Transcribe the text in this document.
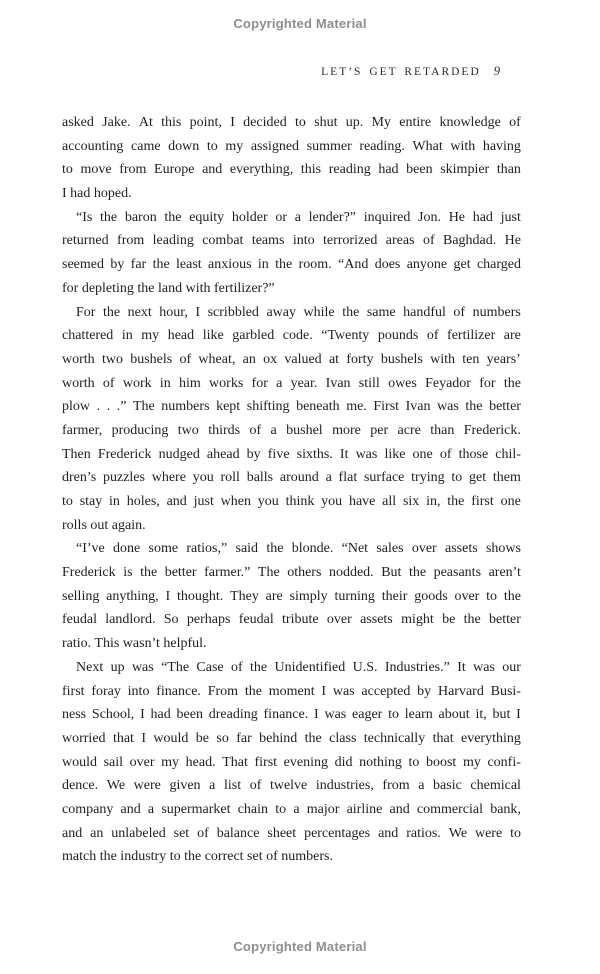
Copyrighted Material
LET’S GET RETARDED 9
asked Jake. At this point, I decided to shut up. My entire knowledge of
accounting came down to my assigned summer reading. What with having
to move from Europe and everything, this reading had been skimpier than
I had hoped.
“Is the baron the equity holder or a lender?” inquired Jon. He had just
returned from leading combat teams into terrorized areas of Baghdad. He
seemed by far the least anxious in the room. “And does anyone get charged
for depleting the land with fertilizer?”
For the next hour, I scribbled away while the same handful of numbers
chattered in my head like garbled code. “Twenty pounds of fertilizer are
worth two bushels of wheat, an ox valued at forty bushels with ten years’
worth of work in him works for a year. Ivan still owes Feyador for the
plow . . .” The numbers kept shifting beneath me. First Ivan was the better
farmer, producing two thirds of a bushel more per acre than Frederick.
Then Frederick nudged ahead by five sixths. It was like one of those chil-
dren’s puzzles where you roll balls around a flat surface trying to get them
to stay in holes, and just when you think you have all six in, the first one
rolls out again.
“I’ve done some ratios,” said the blonde. “Net sales over assets shows
Frederick is the better farmer.” The others nodded. But the peasants aren’t
selling anything, I thought. They are simply turning their goods over to the
feudal landlord. So perhaps feudal tribute over assets might be the better
ratio. This wasn’t helpful.
Next up was “The Case of the Unidentified U.S. Industries.” It was our
first foray into finance. From the moment I was accepted by Harvard Busi-
ness School, I had been dreading finance. I was eager to learn about it, but I
worried that I would be so far behind the class technically that everything
would sail over my head. That first evening did nothing to boost my confi-
dence. We were given a list of twelve industries, from a basic chemical
company and a supermarket chain to a major airline and commercial bank,
and an unlabeled set of balance sheet percentages and ratios. We were to
match the industry to the correct set of numbers.
Copyrighted Material
